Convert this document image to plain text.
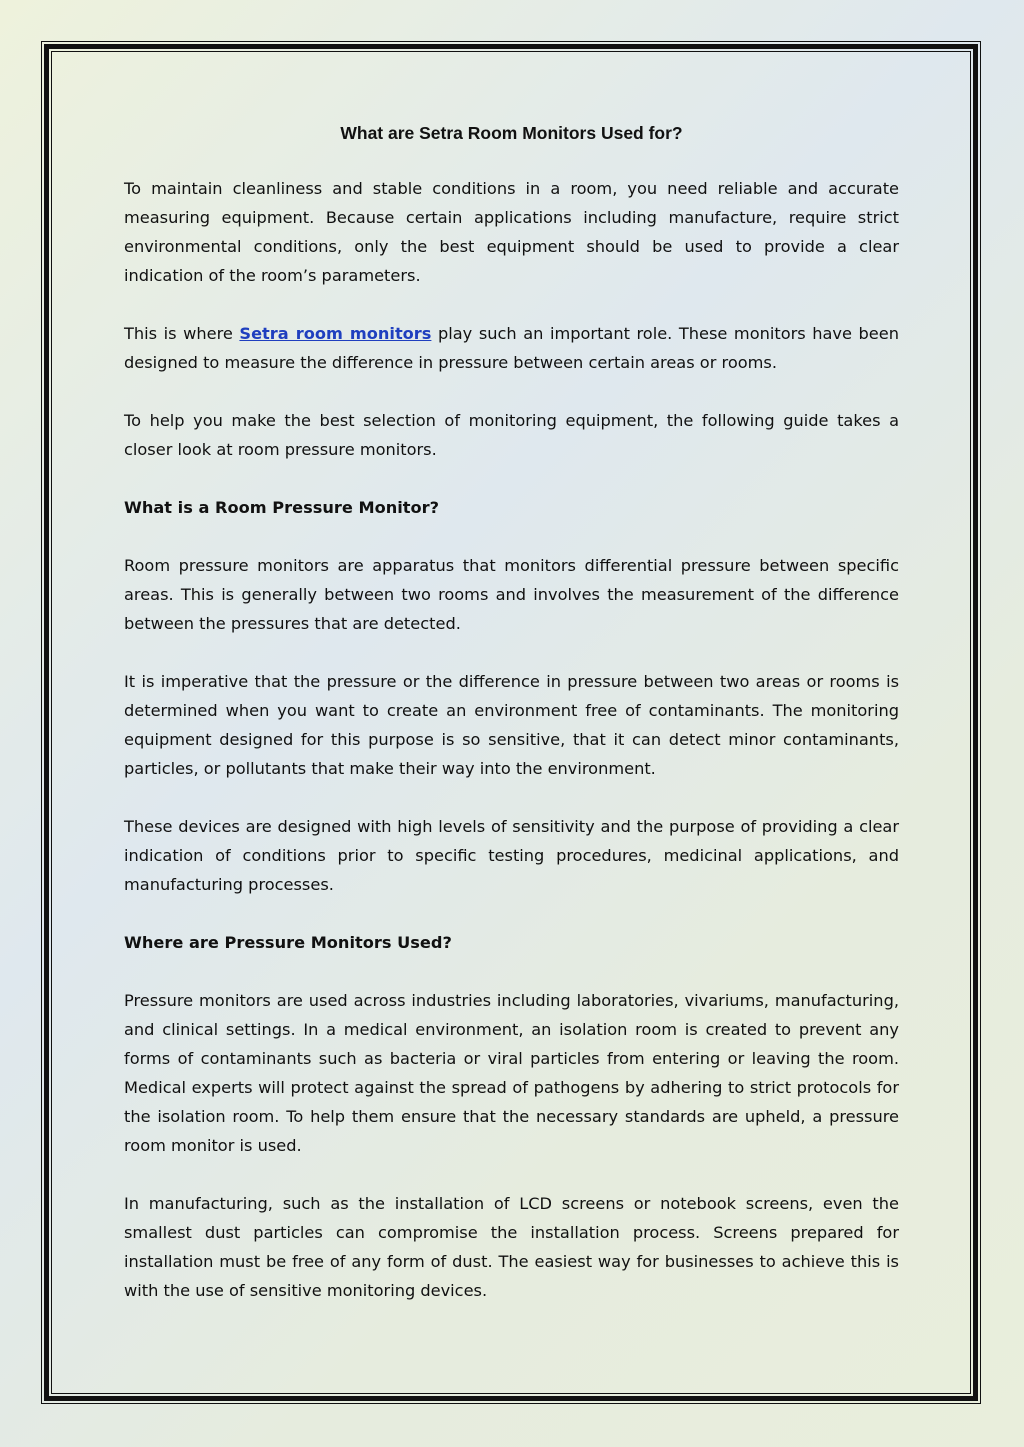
What are Setra Room Monitors Used for?

To maintain cleanliness and stable conditions in a room, you need reliable and accurate measuring equipment. Because certain applications including manufacture, require strict environmental conditions, only the best equipment should be used to provide a clear indication of the room’s parameters.

This is where Setra room monitors play such an important role. These monitors have been designed to measure the difference in pressure between certain areas or rooms.

To help you make the best selection of monitoring equipment, the following guide takes a closer look at room pressure monitors.

What is a Room Pressure Monitor?

Room pressure monitors are apparatus that monitors differential pressure between specific areas. This is generally between two rooms and involves the measurement of the difference between the pressures that are detected.

It is imperative that the pressure or the difference in pressure between two areas or rooms is determined when you want to create an environment free of contaminants. The monitoring equipment designed for this purpose is so sensitive, that it can detect minor contaminants, particles, or pollutants that make their way into the environment.

These devices are designed with high levels of sensitivity and the purpose of providing a clear indication of conditions prior to specific testing procedures, medicinal applications, and manufacturing processes.

Where are Pressure Monitors Used?

Pressure monitors are used across industries including laboratories, vivariums, manufacturing, and clinical settings. In a medical environment, an isolation room is created to prevent any forms of contaminants such as bacteria or viral particles from entering or leaving the room. Medical experts will protect against the spread of pathogens by adhering to strict protocols for the isolation room. To help them ensure that the necessary standards are upheld, a pressure room monitor is used.

In manufacturing, such as the installation of LCD screens or notebook screens, even the smallest dust particles can compromise the installation process. Screens prepared for installation must be free of any form of dust. The easiest way for businesses to achieve this is with the use of sensitive monitoring devices.
